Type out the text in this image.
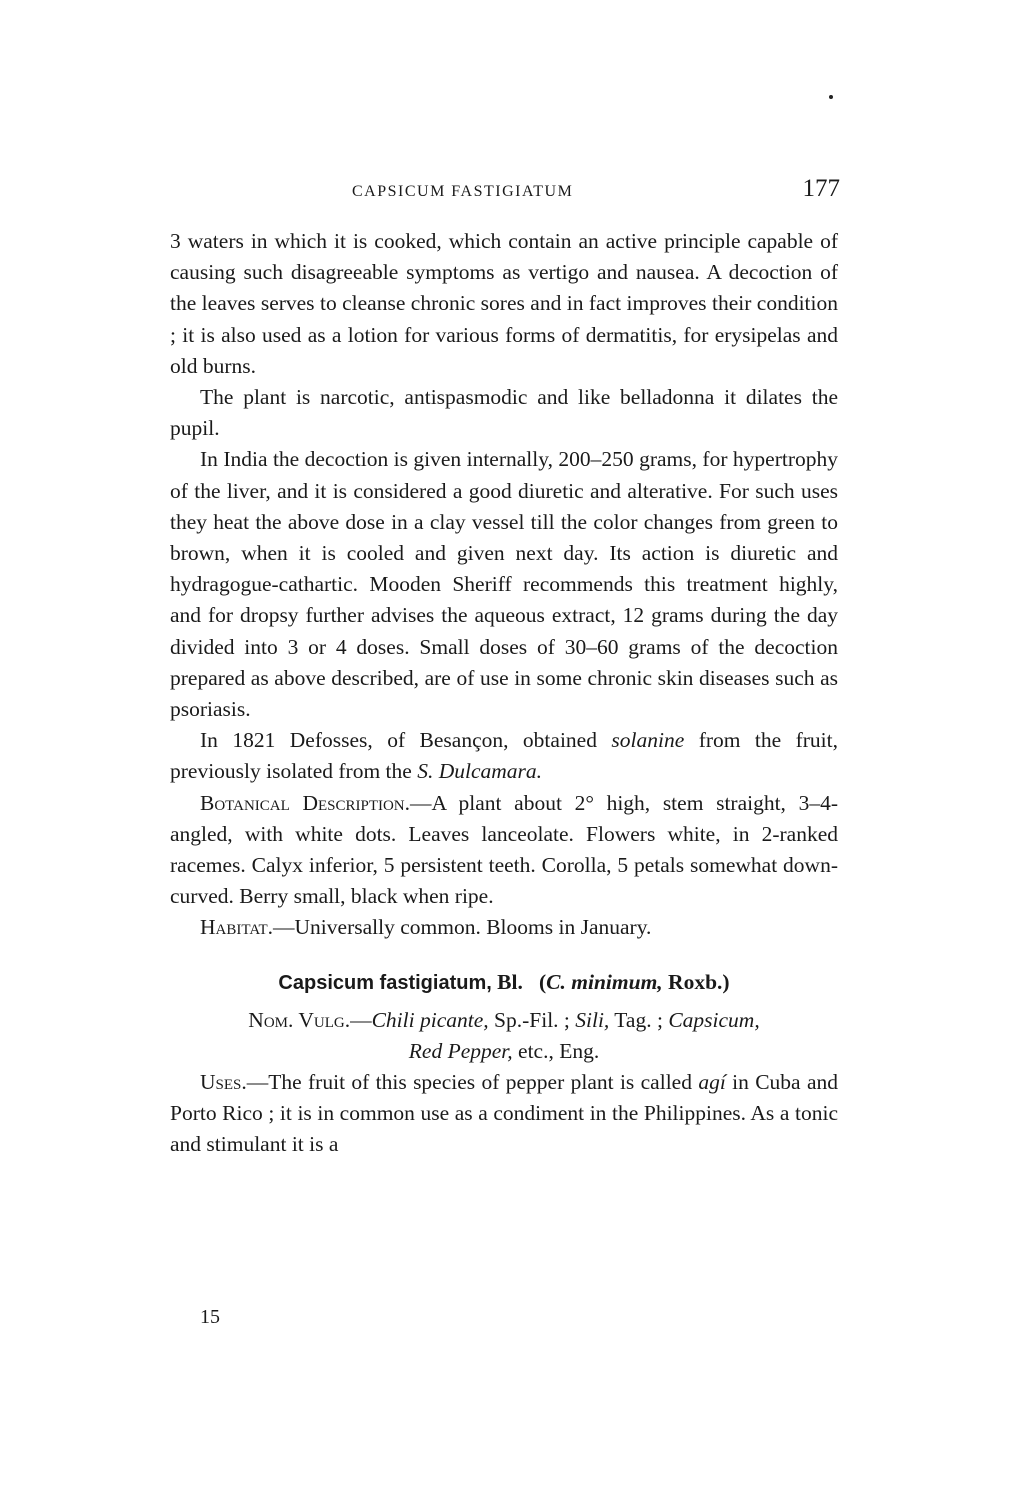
CAPSICUM FASTIGIATUM	177

3 waters in which it is cooked, which contain an active principle capable of causing such disagreeable symptoms as vertigo and nausea. A decoction of the leaves serves to cleanse chronic sores and in fact improves their condition ; it is also used as a lotion for various forms of dermatitis, for erysipelas and old burns.

The plant is narcotic, antispasmodic and like belladonna it dilates the pupil.

In India the decoction is given internally, 200–250 grams, for hypertrophy of the liver, and it is considered a good diuretic and alterative. For such uses they heat the above dose in a clay vessel till the color changes from green to brown, when it is cooled and given next day. Its action is diuretic and hydragogue-cathartic. Mooden Sheriff recommends this treatment highly, and for dropsy further advises the aqueous extract, 12 grams during the day divided into 3 or 4 doses. Small doses of 30–60 grams of the decoction prepared as above described, are of use in some chronic skin diseases such as psoriasis.

In 1821 Defosses, of Besançon, obtained solanine from the fruit, previously isolated from the S. Dulcamara.

Botanical Description.—A plant about 2° high, stem straight, 3–4-angled, with white dots. Leaves lanceolate. Flowers white, in 2-ranked racemes. Calyx inferior, 5 persistent teeth. Corolla, 5 petals somewhat down-curved. Berry small, black when ripe.

Habitat.—Universally common. Blooms in January.

Capsicum fastigiatum, Bl. (C. minimum, Roxb.)
Nom. Vulg.—Chili picante, Sp.-Fil. ; Sili, Tag. ; Capsicum,
Red Pepper, etc., Eng.

Uses.—The fruit of this species of pepper plant is called agí in Cuba and Porto Rico ; it is in common use as a condiment in the Philippines. As a tonic and stimulant it is a

15
